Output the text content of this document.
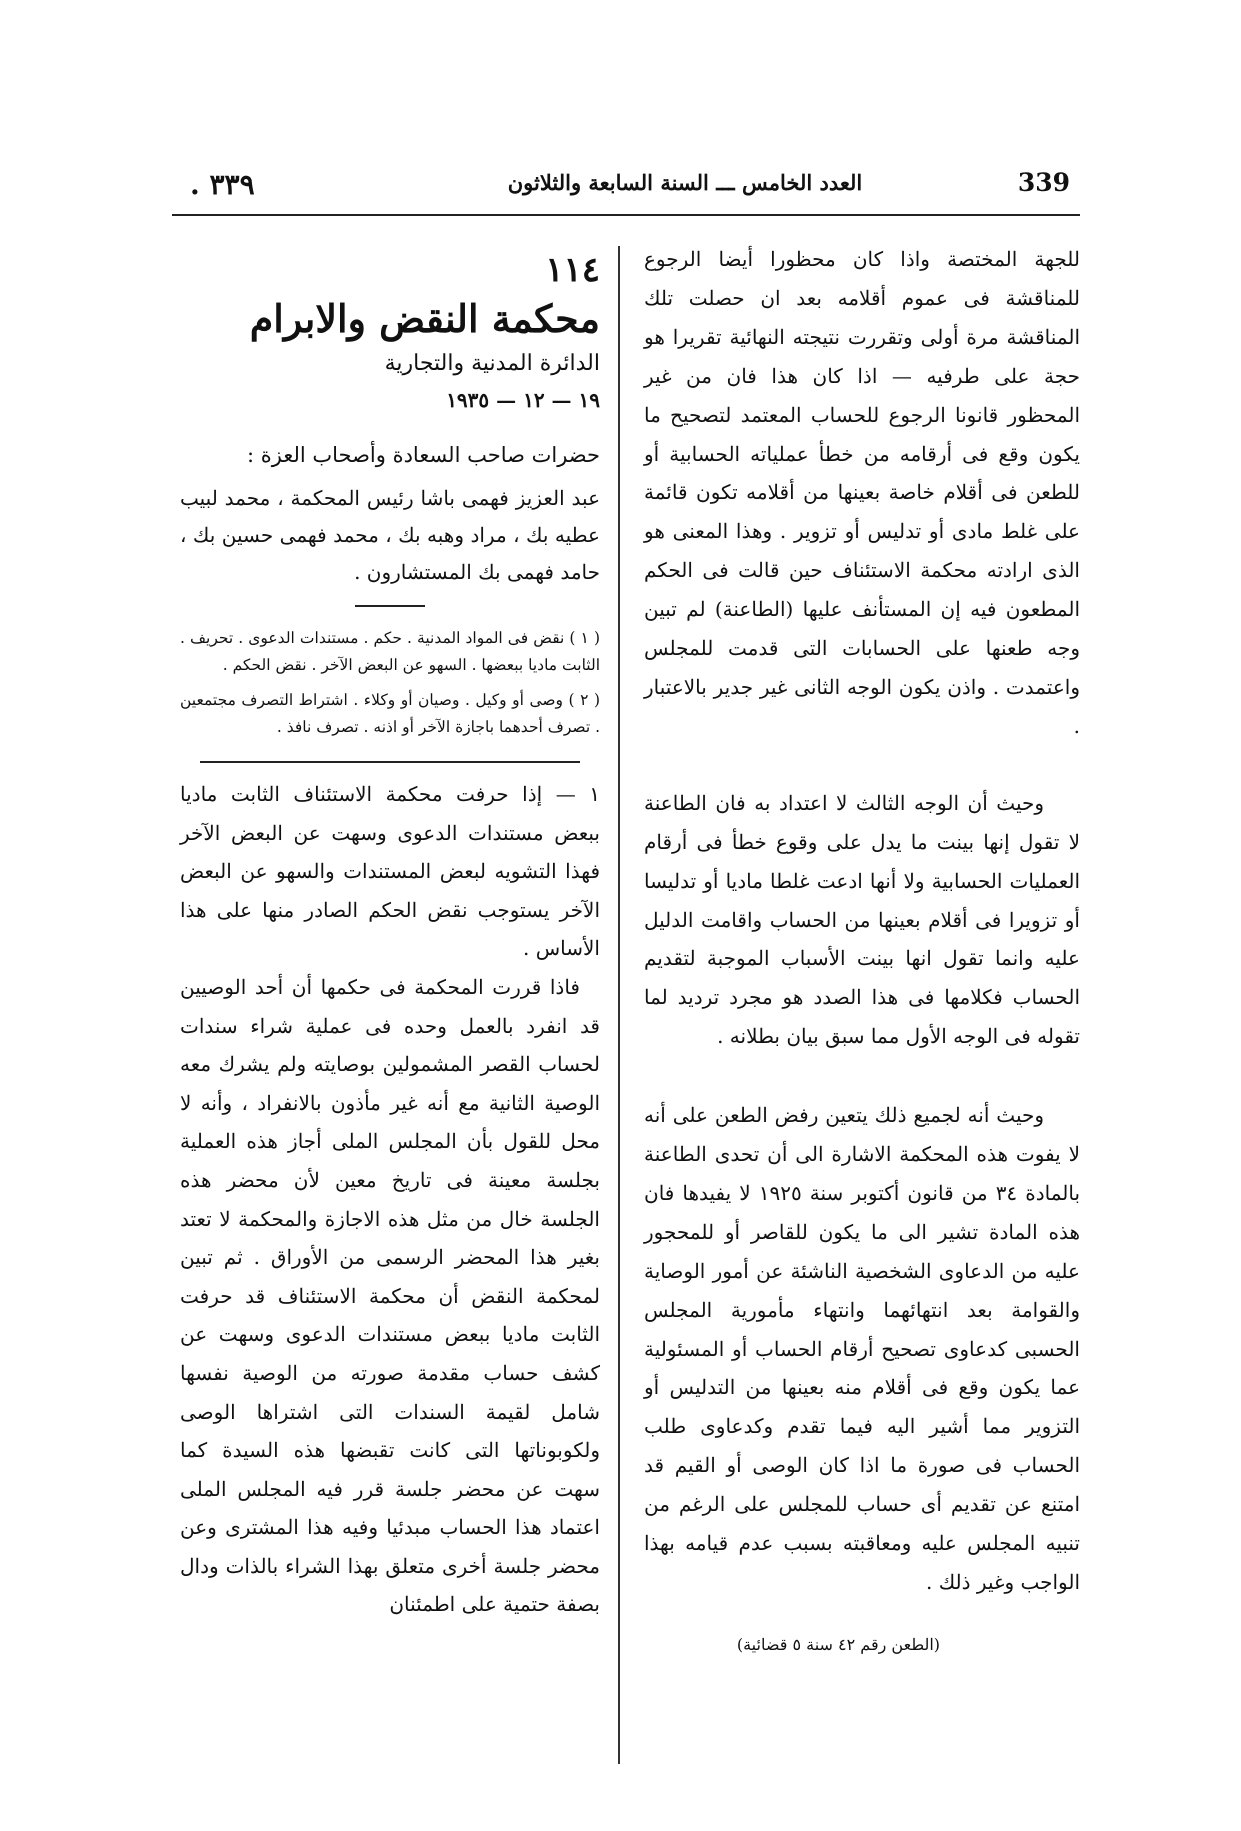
٣٣٩ .	العدد الخامس ـــ السنة السابعة والثلاثون	339

للجهة المختصة واذا كان محظورا أيضا الرجوع للمناقشة فى عموم أقلامه بعد ان حصلت تلك المناقشة مرة أولى وتقررت نتيجته النهائية تقريرا هو حجة على طرفيه — اذا كان هذا فان من غير المحظور قانونا الرجوع للحساب المعتمد لتصحيح ما يكون وقع فى أرقامه من خطأ عملياته الحسابية أو للطعن فى أقلام خاصة بعينها من أقلامه تكون قائمة على غلط مادى أو تدليس أو تزوير . وهذا المعنى هو الذى ارادته محكمة الاستئناف حين قالت فى الحكم المطعون فيه إن المستأنف عليها (الطاعنة) لم تبين وجه طعنها على الحسابات التى قدمت للمجلس واعتمدت . واذن يكون الوجه الثانى غير جدير بالاعتبار .

وحيث أن الوجه الثالث لا اعتداد به فان الطاعنة لا تقول إنها بينت ما يدل على وقوع خطأ فى أرقام العمليات الحسابية ولا أنها ادعت غلطا ماديا أو تدليسا أو تزويرا فى أقلام بعينها من الحساب واقامت الدليل عليه وانما تقول انها بينت الأسباب الموجبة لتقديم الحساب فكلامها فى هذا الصدد هو مجرد ترديد لما تقوله فى الوجه الأول مما سبق بيان بطلانه .

وحيث أنه لجميع ذلك يتعين رفض الطعن على أنه لا يفوت هذه المحكمة الاشارة الى أن تحدى الطاعنة بالمادة ٣٤ من قانون أكتوبر سنة ١٩٢٥ لا يفيدها فان هذه المادة تشير الى ما يكون للقاصر أو للمحجور عليه من الدعاوى الشخصية الناشئة عن أمور الوصاية والقوامة بعد انتهائهما وانتهاء مأمورية المجلس الحسبى كدعاوى تصحيح أرقام الحساب أو المسئولية عما يكون وقع فى أقلام منه بعينها من التدليس أو التزوير مما أشير اليه فيما تقدم وكدعاوى طلب الحساب فى صورة ما اذا كان الوصى أو القيم قد امتنع عن تقديم أى حساب للمجلس على الرغم من تنبيه المجلس عليه ومعاقبته بسبب عدم قيامه بهذا الواجب وغير ذلك .

(الطعن رقم ٤٢ سنة ٥ قضائية)

١١٤

محكمة النقض والابرام

الدائرة المدنية والتجارية

١٩ — ١٢ — ١٩٣٥

حضرات صاحب السعادة وأصحاب العزة :

عبد العزيز فهمى باشا رئيس المحكمة ، محمد لبيب عطيه بك ، مراد وهبه بك ، محمد فهمى حسين بك ، حامد فهمى بك المستشارون .

( ١ ) نقض فى المواد المدنية . حكم . مستندات الدعوى . تحريف . الثابت ماديا ببعضها . السهو عن البعض الآخر . نقض الحكم .

( ٢ ) وصى أو وكيل . وصيان أو وكلاء . اشتراط التصرف مجتمعين . تصرف أحدهما باجازة الآخر أو اذنه . تصرف نافذ .

١ — إذا حرفت محكمة الاستئناف الثابت ماديا ببعض مستندات الدعوى وسهت عن البعض الآخر فهذا التشويه لبعض المستندات والسهو عن البعض الآخر يستوجب نقض الحكم الصادر منها على هذا الأساس .

فاذا قررت المحكمة فى حكمها أن أحد الوصيين قد انفرد بالعمل وحده فى عملية شراء سندات لحساب القصر المشمولين بوصايته ولم يشرك معه الوصية الثانية مع أنه غير مأذون بالانفراد ، وأنه لا محل للقول بأن المجلس الملى أجاز هذه العملية بجلسة معينة فى تاريخ معين لأن محضر هذه الجلسة خال من مثل هذه الاجازة والمحكمة لا تعتد بغير هذا المحضر الرسمى من الأوراق . ثم تبين لمحكمة النقض أن محكمة الاستئناف قد حرفت الثابت ماديا ببعض مستندات الدعوى وسهت عن كشف حساب مقدمة صورته من الوصية نفسها شامل لقيمة السندات التى اشتراها الوصى ولكوبوناتها التى كانت تقبضها هذه السيدة كما سهت عن محضر جلسة قرر فيه المجلس الملى اعتماد هذا الحساب مبدئيا وفيه هذا المشترى وعن محضر جلسة أخرى متعلق بهذا الشراء بالذات ودال بصفة حتمية على اطمئنان
